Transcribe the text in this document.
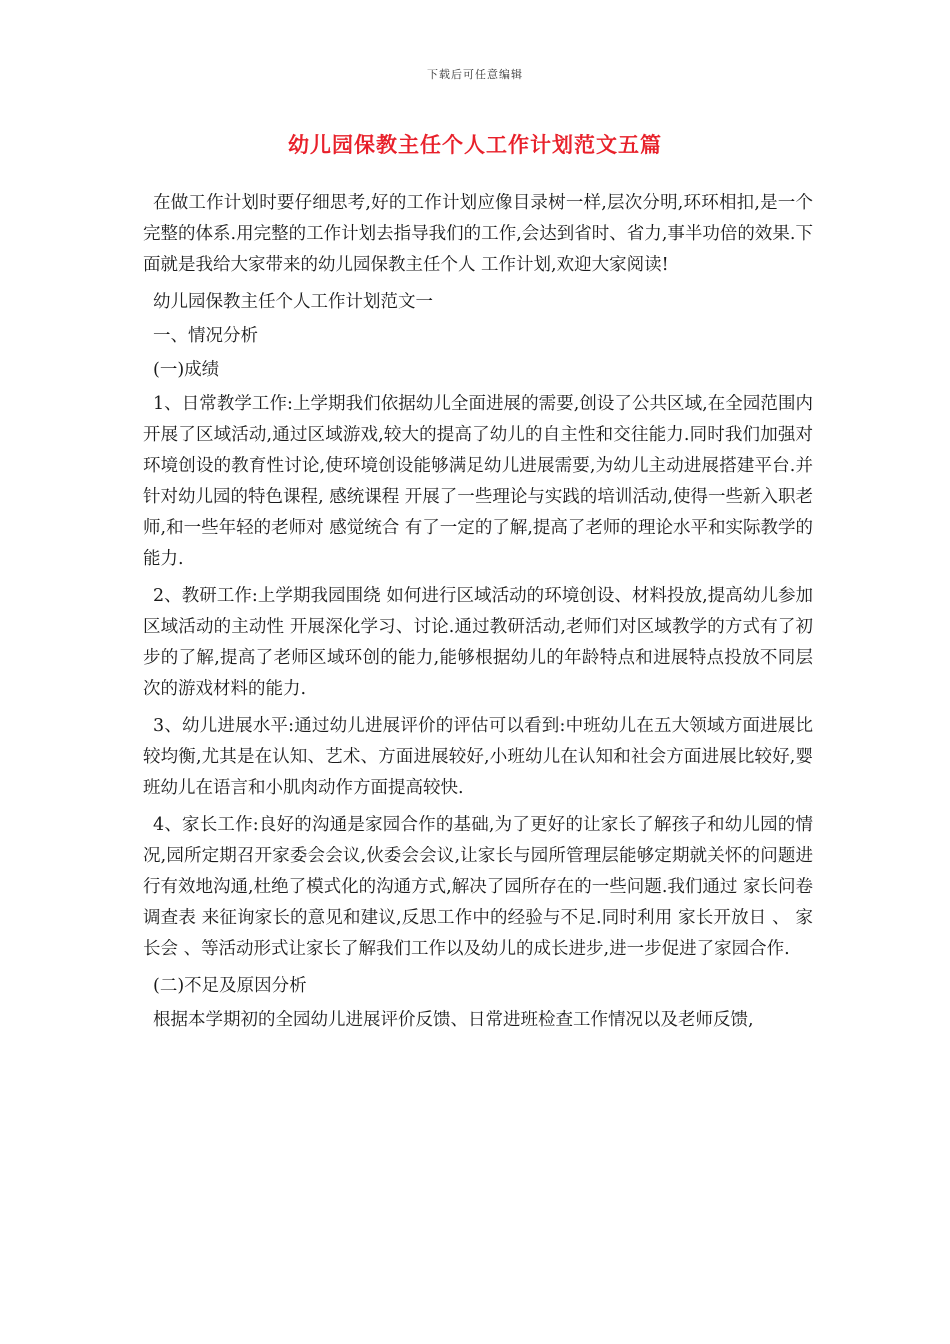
下载后可任意编辑
幼儿园保教主任个人工作计划范文五篇

在做工作计划时要仔细思考,好的工作计划应像目录树一样,层次分明,环环相扣,是一个完整的体系.用完整的工作计划去指导我们的工作,会达到省时、省力,事半功倍的效果.下面就是我给大家带来的幼儿园保教主任个人 工作计划,欢迎大家阅读!

幼儿园保教主任个人工作计划范文一

一、情况分析

(一)成绩

1、日常教学工作:上学期我们依据幼儿全面进展的需要,创设了公共区域,在全园范围内开展了区域活动,通过区域游戏,较大的提高了幼儿的自主性和交往能力.同时我们加强对环境创设的教育性讨论,使环境创设能够满足幼儿进展需要,为幼儿主动进展搭建平台.并针对幼儿园的特色课程, 感统课程 开展了一些理论与实践的培训活动,使得一些新入职老师,和一些年轻的老师对 感觉统合 有了一定的了解,提高了老师的理论水平和实际教学的能力.

2、教研工作:上学期我园围绕 如何进行区域活动的环境创设、材料投放,提高幼儿参加区域活动的主动性 开展深化学习、讨论.通过教研活动,老师们对区域教学的方式有了初步的了解,提高了老师区域环创的能力,能够根据幼儿的年龄特点和进展特点投放不同层次的游戏材料的能力.

3、幼儿进展水平:通过幼儿进展评价的评估可以看到:中班幼儿在五大领域方面进展比较均衡,尤其是在认知、艺术、方面进展较好,小班幼儿在认知和社会方面进展比较好,婴班幼儿在语言和小肌肉动作方面提高较快.

4、家长工作:良好的沟通是家园合作的基础,为了更好的让家长了解孩子和幼儿园的情况,园所定期召开家委会会议,伙委会会议,让家长与园所管理层能够定期就关怀的问题进行有效地沟通,杜绝了模式化的沟通方式,解决了园所存在的一些问题.我们通过 家长问卷调查表 来征询家长的意见和建议,反思工作中的经验与不足.同时利用 家长开放日 、 家长会 、等活动形式让家长了解我们工作以及幼儿的成长进步,进一步促进了家园合作.

(二)不足及原因分析

根据本学期初的全园幼儿进展评价反馈、日常进班检查工作情况以及老师反馈,
